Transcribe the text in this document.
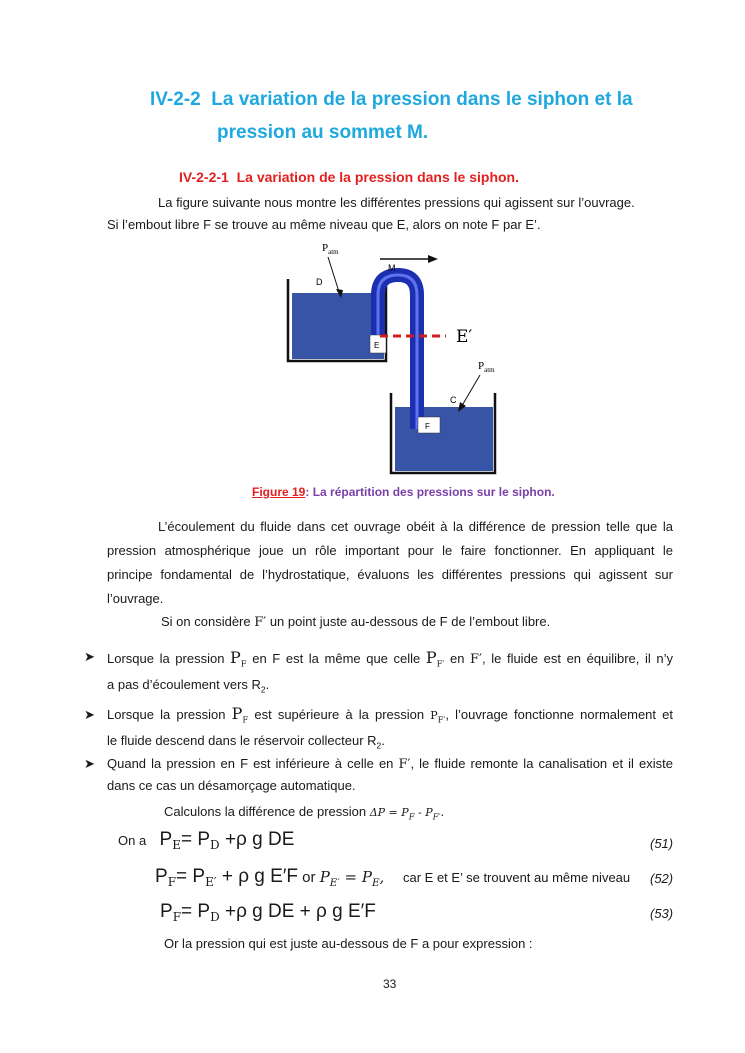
IV-2-2 La variation de la pression dans le siphon et la
pression au sommet M.
IV-2-2-1 La variation de la pression dans le siphon.
La figure suivante nous montre les différentes pressions qui agissent sur l’ouvrage.
Si l’embout libre F se trouve au même niveau que E, alors on note F par E’.
$P_{atm}$
$P_{atm}$
D
M
C
E
F
E′
Figure 19: La répartition des pressions sur le siphon.
L’écoulement du fluide dans cet ouvrage obéit à la différence de pression telle que la
pression atmosphérique joue un rôle important pour le faire fonctionner. En appliquant le
principe fondamental de l’hydrostatique, évaluons les différentes pressions qui agissent sur
l’ouvrage.
Si on considère F′ un point juste au-dessous de F de l’embout libre.
➤ Lorsque la pression $P_F$ en F est la même que celle $P_{F'}$ en F′, le fluide est en équilibre, il n’y
a pas d’écoulement vers $R_2$.
➤ Lorsque la pression $P_F$ est supérieure à la pression $P_{F'}$, l’ouvrage fonctionne normalement et
le fluide descend dans le réservoir collecteur $R_2$.
➤ Quand la pression en F est inférieure à celle en F′, le fluide remonte la canalisation et il existe
dans ce cas un désamorçage automatique.
Calculons la différence de pression $\Delta P = P_F - P_{F'}$.
On a $P_E= P_D +\rho$ g DE	(51)
$P_F= P_{E'} + \rho$ g E′F or $P_{E'} = P_E$, car E et E’ se trouvent au même niveau (52)
$P_F= P_D +\rho$ g DE + ρ g E′F	(53)
Or la pression qui est juste au-dessous de F a pour expression :
33
